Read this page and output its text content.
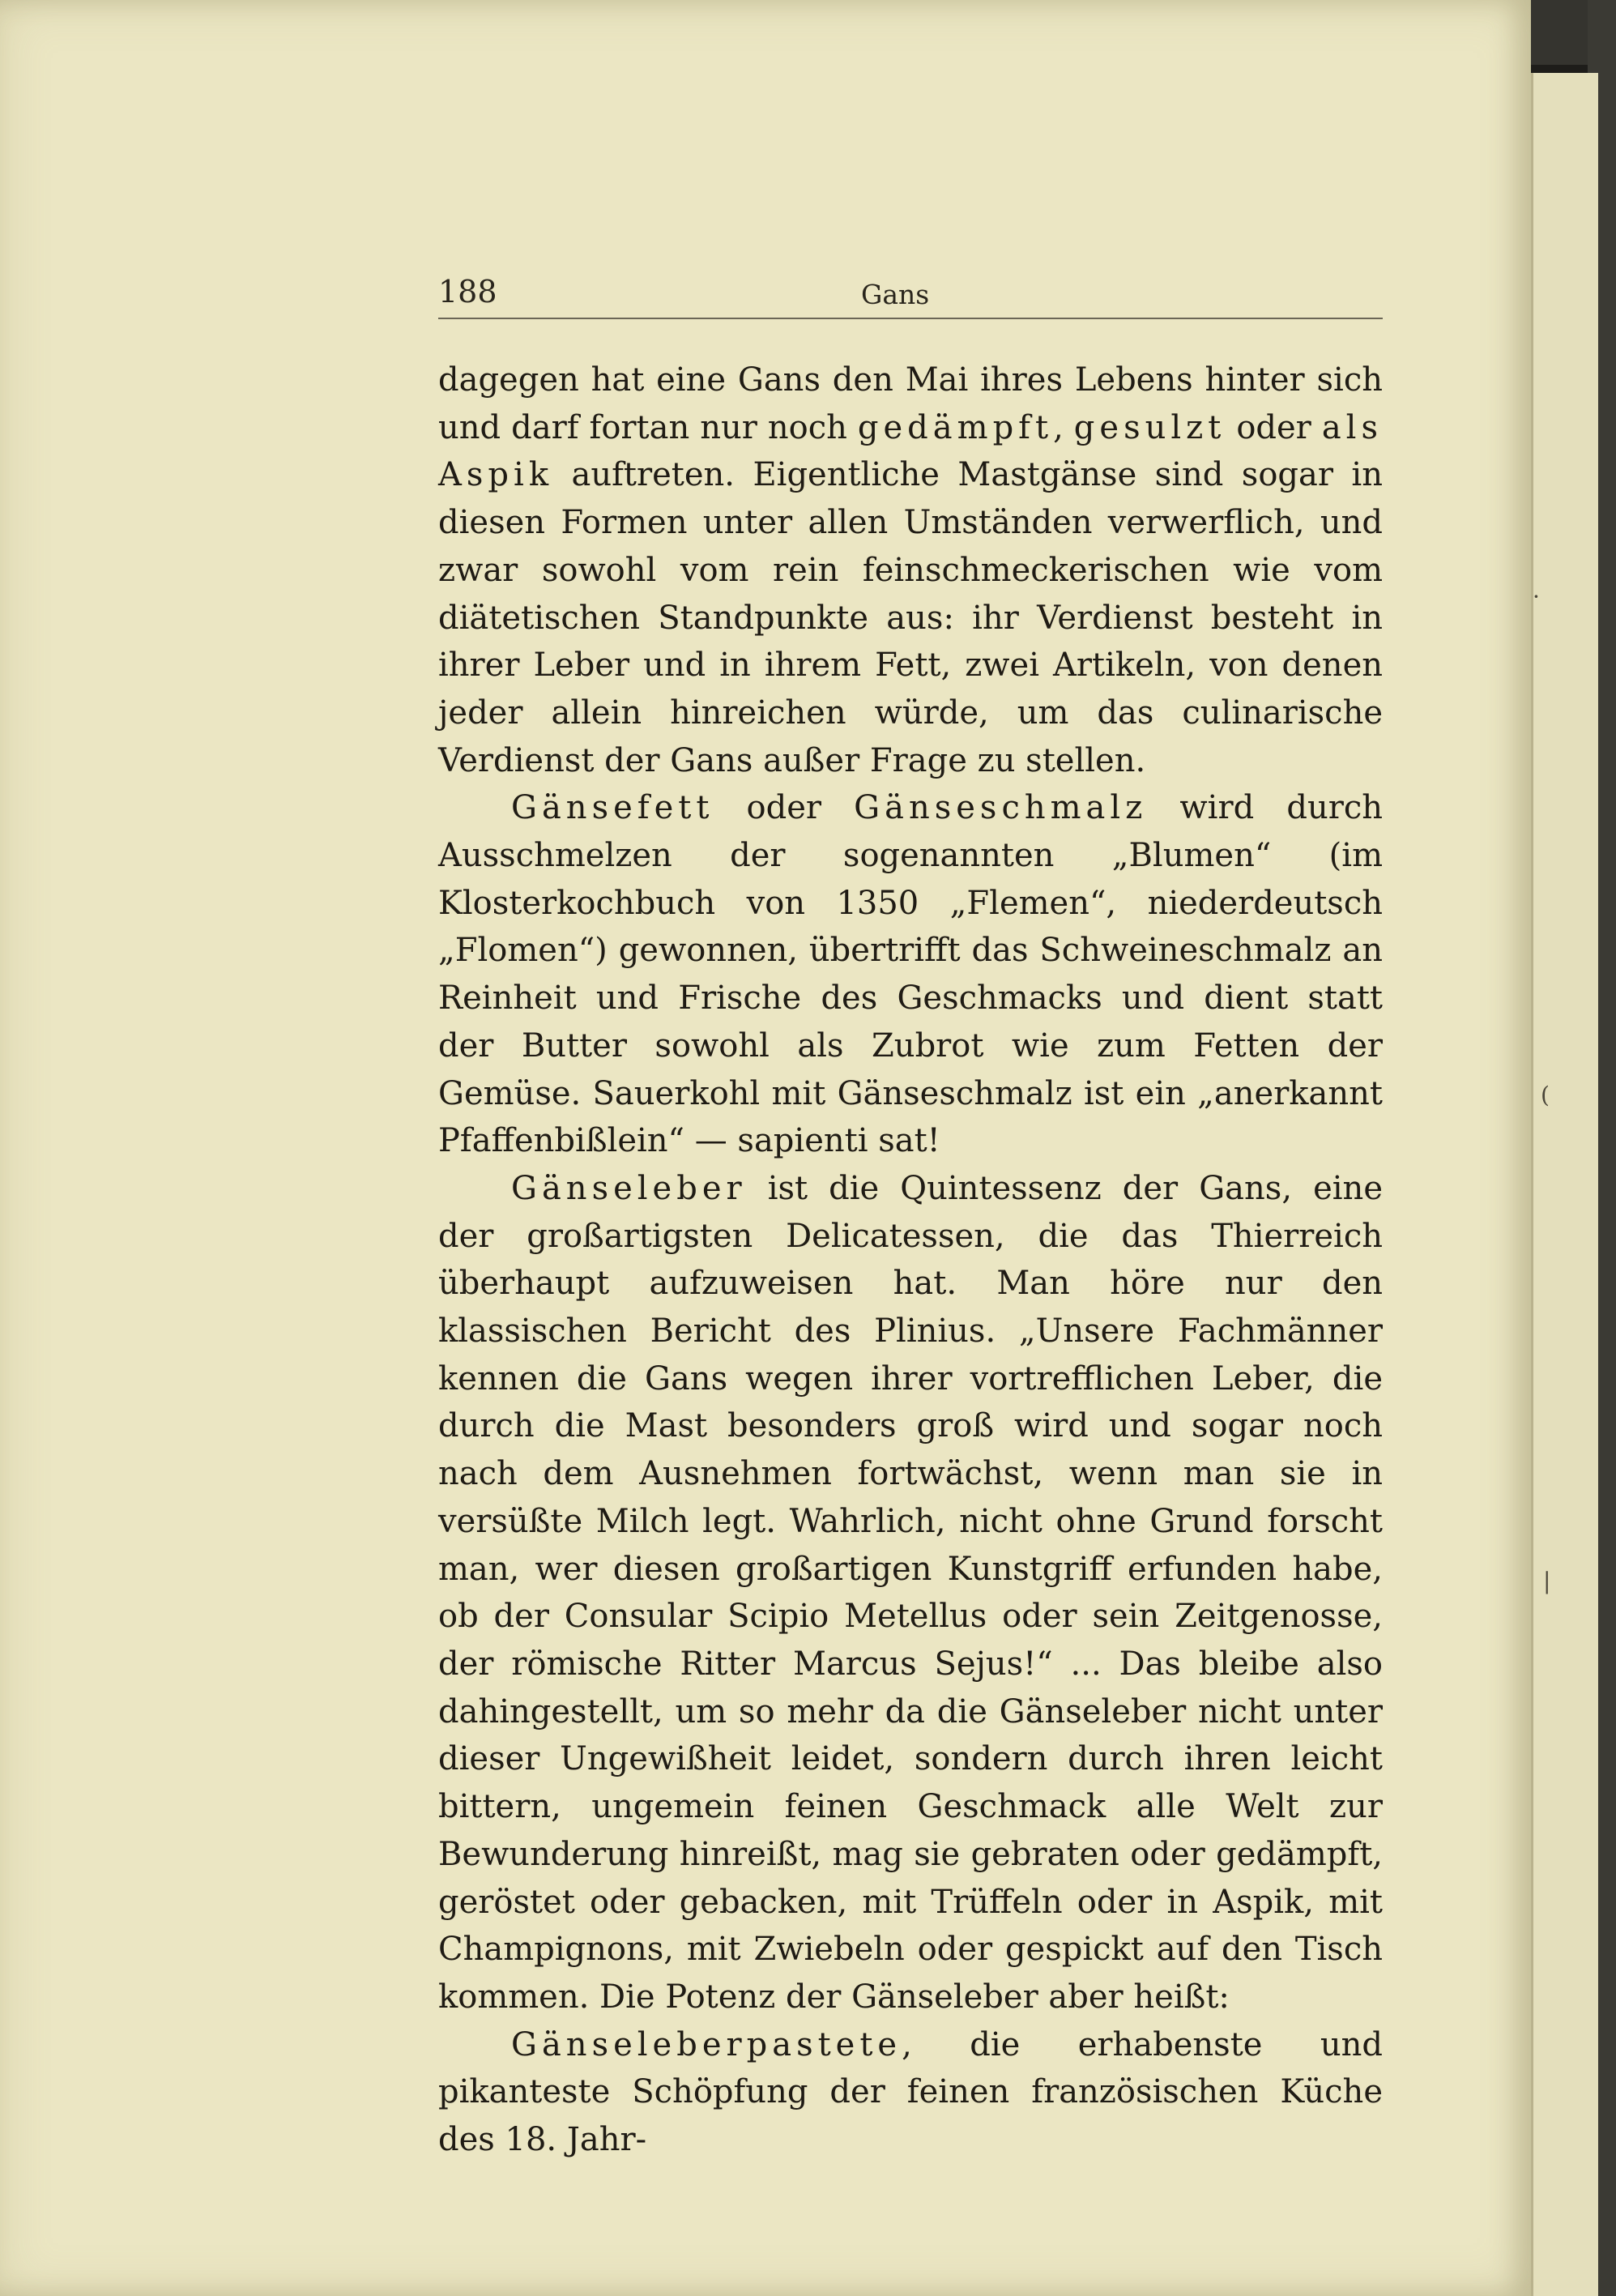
188	Gans

dagegen hat eine Gans den Mai ihres Lebens hinter sich und darf fortan nur noch gedämpft, gesulzt oder als Aspik auftreten. Eigentliche Mastgänse sind sogar in diesen Formen unter allen Umständen verwerflich, und zwar sowohl vom rein feinschmeckerischen wie vom diätetischen Standpunkte aus: ihr Verdienst besteht in ihrer Leber und in ihrem Fett, zwei Artikeln, von denen jeder allein hinreichen würde, um das culinarische Verdienst der Gans außer Frage zu stellen.

Gänsefett oder Gänseschmalz wird durch Ausschmelzen der sogenannten „Blumen“ (im Klosterkochbuch von 1350 „Flemen“, niederdeutsch „Flomen“) gewonnen, übertrifft das Schweineschmalz an Reinheit und Frische des Geschmacks und dient statt der Butter sowohl als Zubrot wie zum Fetten der Gemüse. Sauerkohl mit Gänseschmalz ist ein „anerkannt Pfaffenbißlein“ — sapienti sat!

Gänseleber ist die Quintessenz der Gans, eine der großartigsten Delicatessen, die das Thierreich überhaupt aufzuweisen hat. Man höre nur den klassischen Bericht des Plinius. „Unsere Fachmänner kennen die Gans wegen ihrer vortrefflichen Leber, die durch die Mast besonders groß wird und sogar noch nach dem Ausnehmen fortwächst, wenn man sie in versüßte Milch legt. Wahrlich, nicht ohne Grund forscht man, wer diesen großartigen Kunstgriff erfunden habe, ob der Consular Scipio Metellus oder sein Zeitgenosse, der römische Ritter Marcus Sejus!“ ... Das bleibe also dahingestellt, um so mehr da die Gänseleber nicht unter dieser Ungewißheit leidet, sondern durch ihren leicht bittern, ungemein feinen Geschmack alle Welt zur Bewunderung hinreißt, mag sie gebraten oder gedämpft, geröstet oder gebacken, mit Trüffeln oder in Aspik, mit Champignons, mit Zwiebeln oder gespickt auf den Tisch kommen. Die Potenz der Gänseleber aber heißt:

Gänseleberpastete, die erhabenste und pikanteste Schöpfung der feinen französischen Küche des 18. Jahr-

·
(
|
